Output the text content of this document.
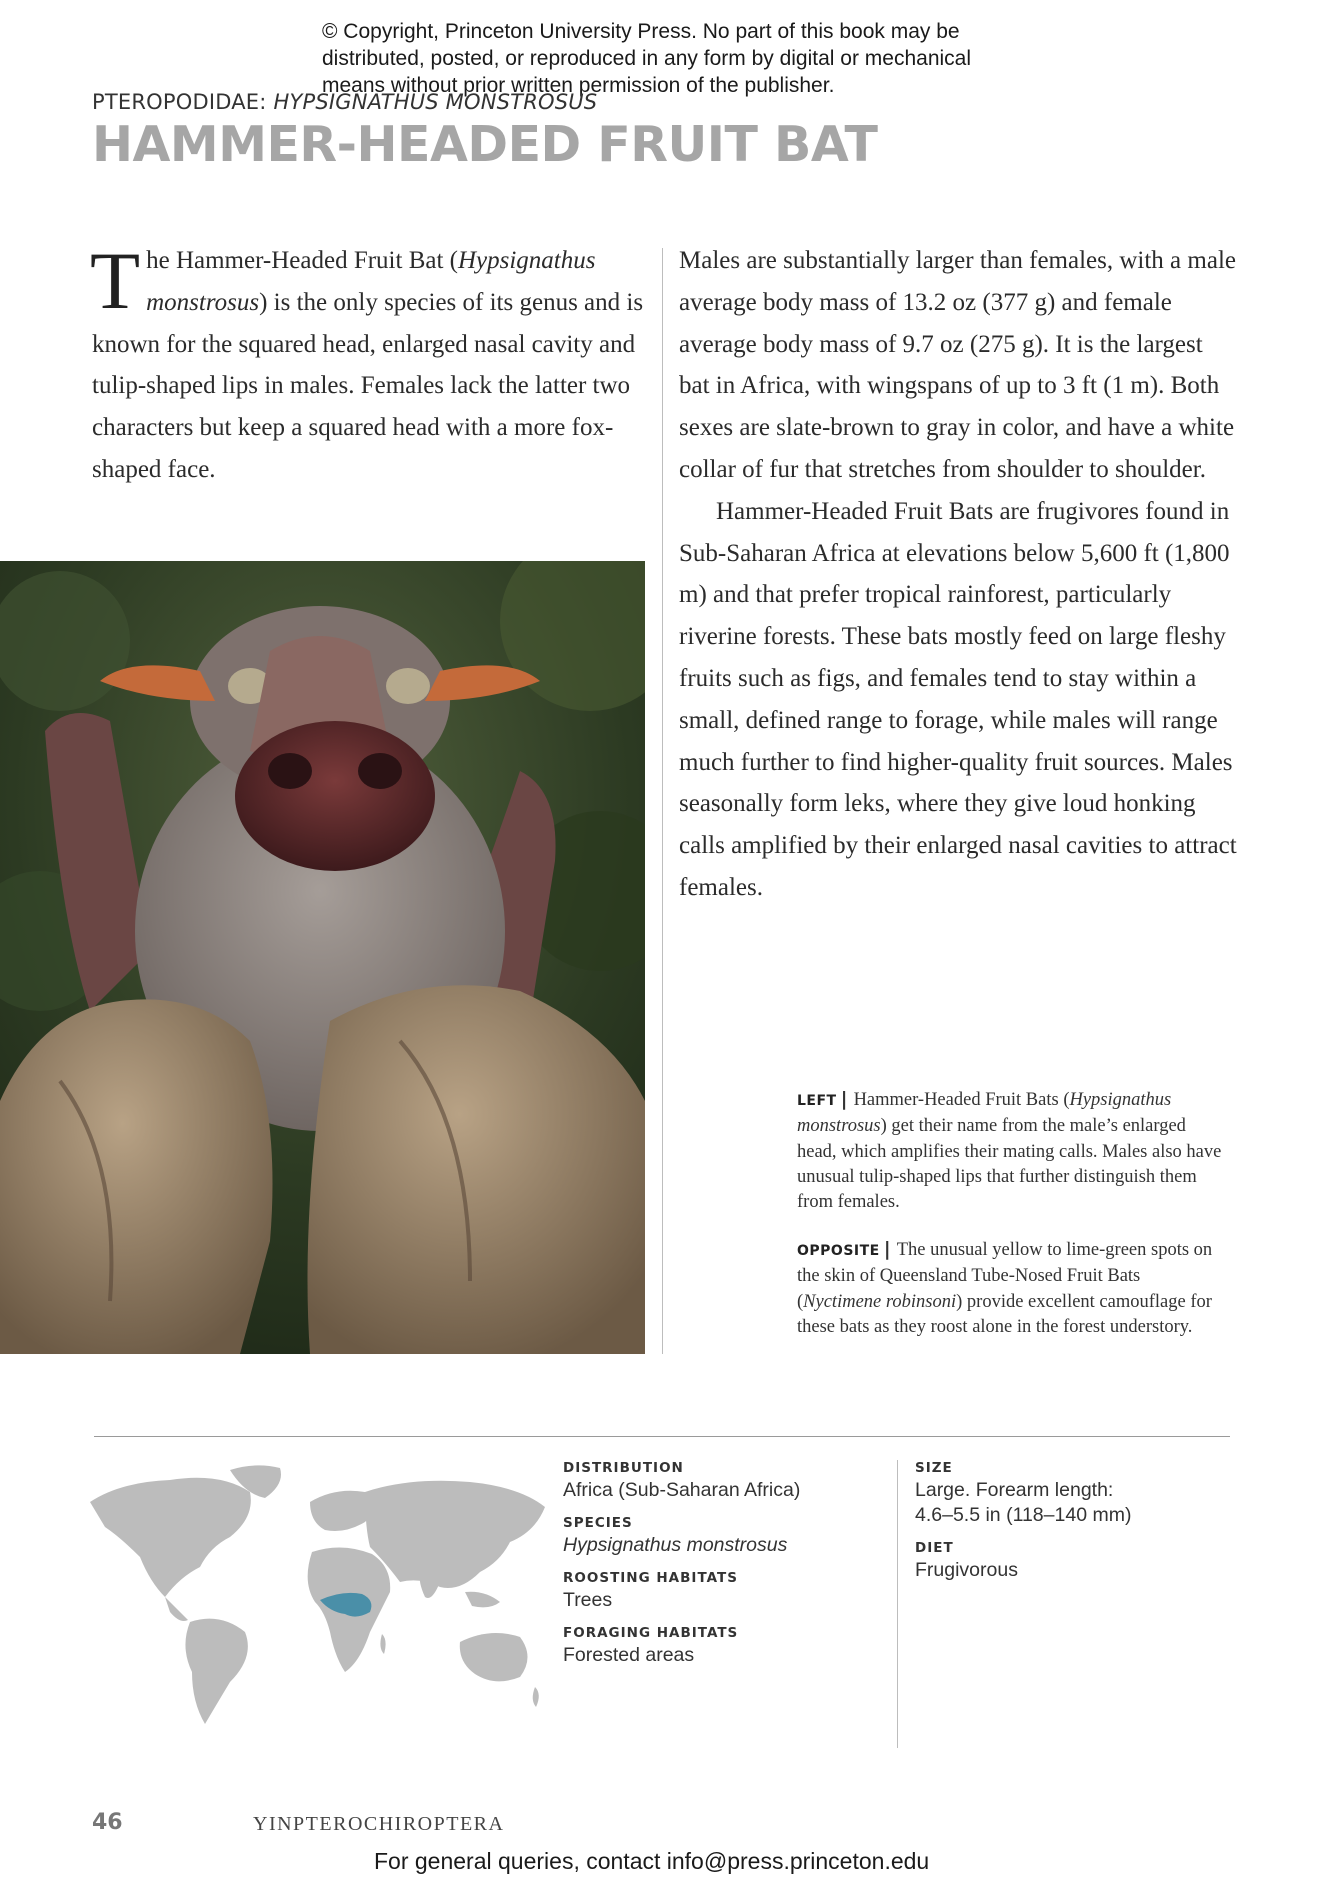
© Copyright, Princeton University Press. No part of this book may be
distributed, posted, or reproduced in any form by digital or mechanical
means without prior written permission of the publisher.
PTEROPODIDAE: HYPSIGNATHUS MONSTROSUS
HAMMER-HEADED FRUIT BAT
The Hammer-Headed Fruit Bat (Hypsignathus monstrosus) is the only species of its genus and is known for the squared head, enlarged nasal cavity and tulip-shaped lips in males. Females lack the latter two characters but keep a squared head with a more fox-shaped face.

Males are substantially larger than females, with a male average body mass of 13.2 oz (377 g) and female average body mass of 9.7 oz (275 g). It is the largest bat in Africa, with wingspans of up to 3 ft (1 m). Both sexes are slate-brown to gray in color, and have a white collar of fur that stretches from shoulder to shoulder.

Hammer-Headed Fruit Bats are frugivores found in Sub-Saharan Africa at elevations below 5,600 ft (1,800 m) and that prefer tropical rainforest, particularly riverine forests. These bats mostly feed on large fleshy fruits such as figs, and females tend to stay within a small, defined range to forage, while males will range much further to find higher-quality fruit sources. Males seasonally form leks, where they give loud honking calls amplified by their enlarged nasal cavities to attract females.

LEFT | Hammer-Headed Fruit Bats (Hypsignathus monstrosus) get their name from the male’s enlarged head, which amplifies their mating calls. Males also have unusual tulip-shaped lips that further distinguish them from females.
OPPOSITE | The unusual yellow to lime-green spots on the skin of Queensland Tube-Nosed Fruit Bats (Nyctimene robinsoni) provide excellent camouflage for these bats as they roost alone in the forest understory.
DISTRIBUTION
Africa (Sub-Saharan Africa)
SPECIES
Hypsignathus monstrosus
ROOSTING HABITATS
Trees
FORAGING HABITATS
Forested areas
SIZE
Large. Forearm length:
4.6–5.5 in (118–140 mm)
DIET
Frugivorous
46	YINPTEROCHIROPTERA
For general queries, contact info@press.princeton.edu
